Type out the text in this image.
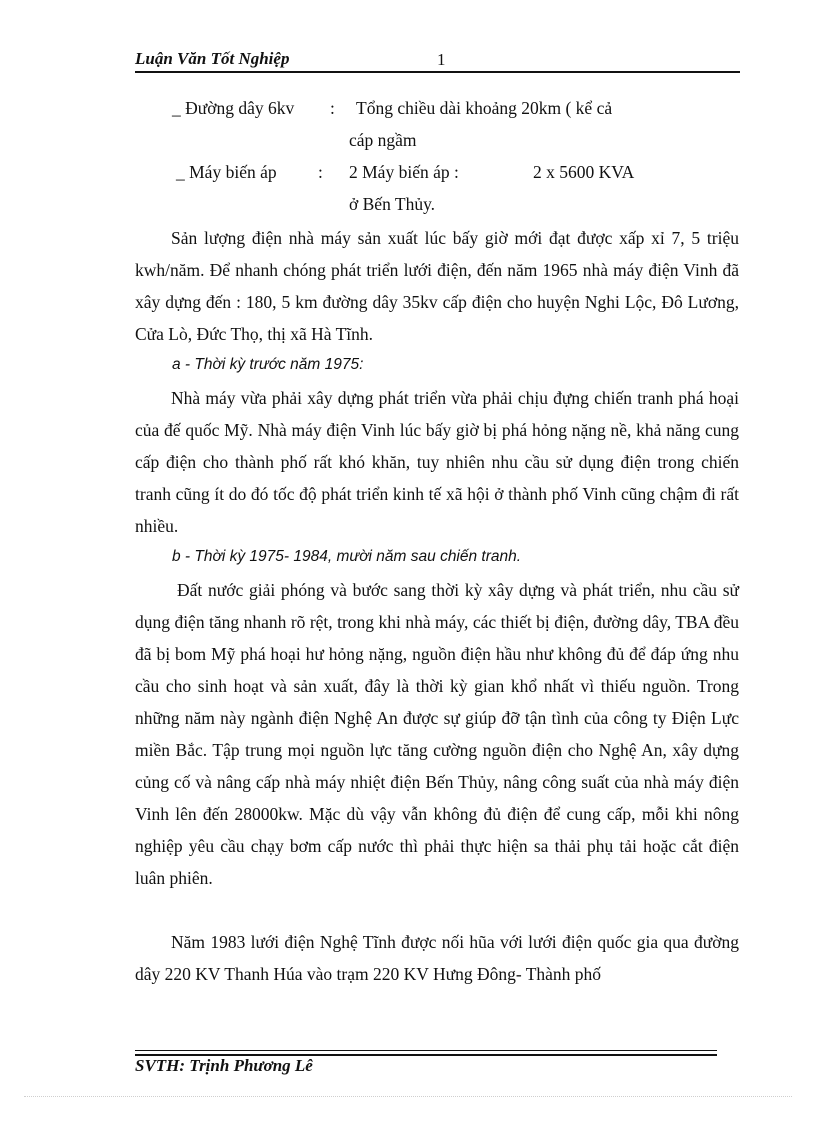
Luận Văn Tốt Nghiệp	1
_ Đường dây 6kv : Tổng chiều dài khoảng 20km ( kể cả
cáp ngầm
_ Máy biến áp : 2 Máy biến áp :	2 x 5600 KVA
ở Bến Thủy.

Sản lượng điện nhà máy sản xuất lúc bấy giờ mới đạt được xấp xỉ 7, 5 triệu kwh/năm. Để nhanh chóng phát triển lưới điện, đến năm 1965 nhà máy điện Vinh đã xây dựng đến : 180, 5 km đường dây 35kv cấp điện cho huyện Nghi Lộc, Đô Lương, Cửa Lò, Đức Thọ, thị xã Hà Tĩnh.

a - Thời kỳ trước năm 1975:

Nhà máy vừa phải xây dựng phát triển vừa phải chịu đựng chiến tranh phá hoại của đế quốc Mỹ. Nhà máy điện Vinh lúc bấy giờ bị phá hỏng nặng nề, khả năng cung cấp điện cho thành phố rất khó khăn, tuy nhiên nhu cầu sử dụng điện trong chiến tranh cũng ít do đó tốc độ phát triển kinh tế xã hội ở thành phố Vinh cũng chậm đi rất nhiều.

b - Thời kỳ 1975- 1984, mười năm sau chiến tranh.

Đất nước giải phóng và bước sang thời kỳ xây dựng và phát triển, nhu cầu sử dụng điện tăng nhanh rõ rệt, trong khi nhà máy, các thiết bị điện, đường dây, TBA đều đã bị bom Mỹ phá hoại hư hỏng nặng, nguồn điện hầu như không đủ để đáp ứng nhu cầu cho sinh hoạt và sản xuất, đây là thời kỳ gian khổ nhất vì thiếu nguồn. Trong những năm này ngành điện Nghệ An được sự giúp đỡ tận tình của công ty Điện Lực miền Bắc. Tập trung mọi nguồn lực tăng cường nguồn điện cho Nghệ An, xây dựng củng cố và nâng cấp nhà máy nhiệt điện Bến Thủy, nâng công suất của nhà máy điện Vinh lên đến 28000kw. Mặc dù vậy vẫn không đủ điện để cung cấp, mỗi khi nông nghiệp yêu cầu chạy bơm cấp nước thì phải thực hiện sa thải phụ tải hoặc cắt điện luân phiên.

Năm 1983 lưới điện Nghệ Tĩnh được nối hũa với lưới điện quốc gia qua đường dây 220 KV Thanh Húa vào trạm 220 KV Hưng Đông- Thành phố

SVTH: Trịnh Phương Lê
